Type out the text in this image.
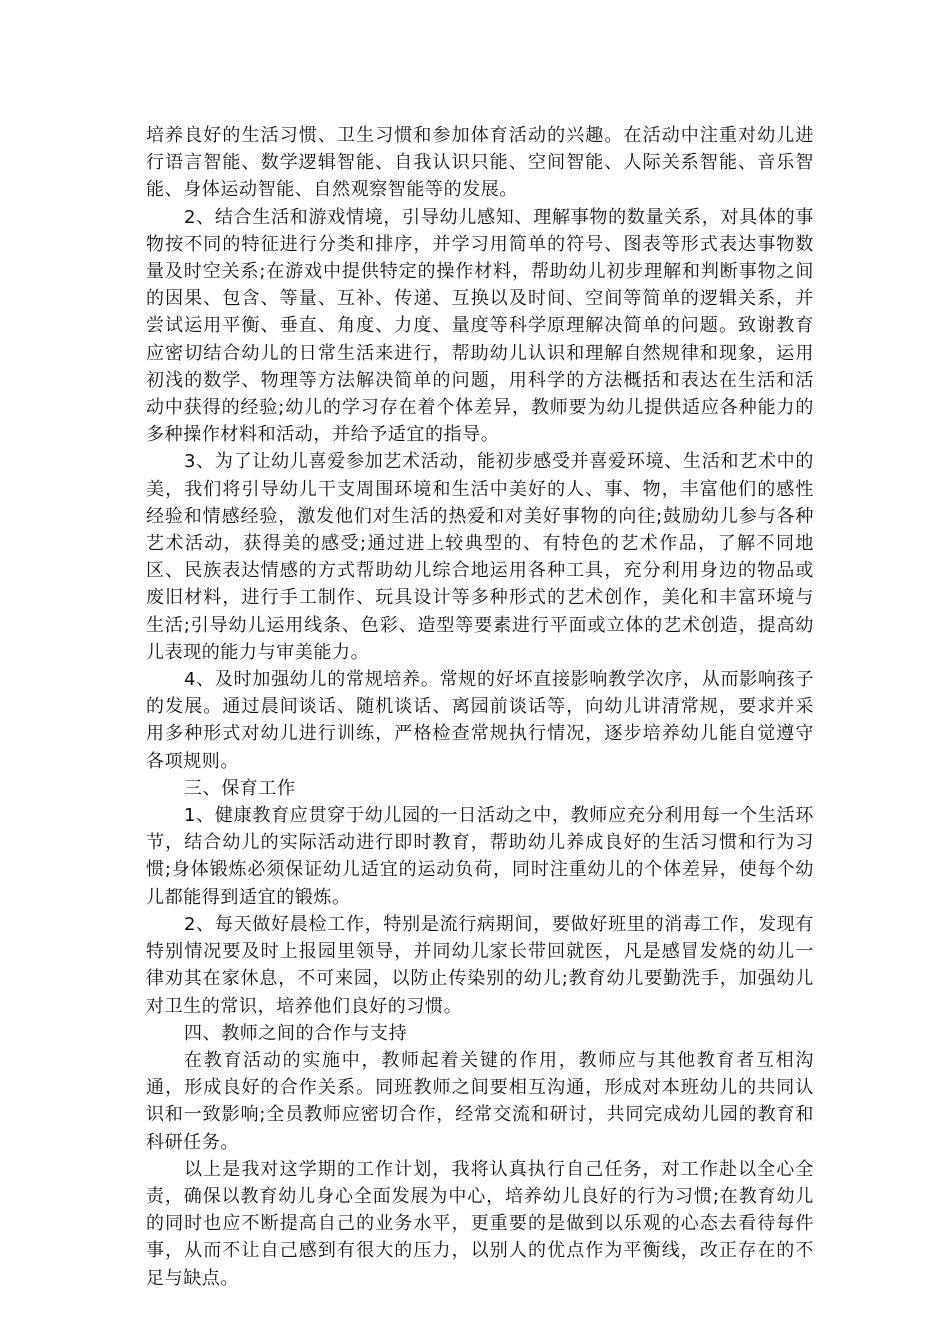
培养良好的生活习惯、卫生习惯和参加体育活动的兴趣。在活动中注重对幼儿进行语言智能、数学逻辑智能、自我认识只能、空间智能、人际关系智能、音乐智能、身体运动智能、自然观察智能等的发展。

2、结合生活和游戏情境，引导幼儿感知、理解事物的数量关系，对具体的事物按不同的特征进行分类和排序，并学习用简单的符号、图表等形式表达事物数量及时空关系;在游戏中提供特定的操作材料，帮助幼儿初步理解和判断事物之间的因果、包含、等量、互补、传递、互换以及时间、空间等简单的逻辑关系，并尝试运用平衡、垂直、角度、力度、量度等科学原理解决简单的问题。致谢教育应密切结合幼儿的日常生活来进行，帮助幼儿认识和理解自然规律和现象，运用初浅的数学、物理等方法解决简单的问题，用科学的方法概括和表达在生活和活动中获得的经验;幼儿的学习存在着个体差异，教师要为幼儿提供适应各种能力的多种操作材料和活动，并给予适宜的指导。

3、为了让幼儿喜爱参加艺术活动，能初步感受并喜爱环境、生活和艺术中的美，我们将引导幼儿干支周围环境和生活中美好的人、事、物，丰富他们的感性经验和情感经验，激发他们对生活的热爱和对美好事物的向往;鼓励幼儿参与各种艺术活动，获得美的感受;通过进上较典型的、有特色的艺术作品，了解不同地区、民族表达情感的方式帮助幼儿综合地运用各种工具，充分利用身边的物品或废旧材料，进行手工制作、玩具设计等多种形式的艺术创作，美化和丰富环境与生活;引导幼儿运用线条、色彩、造型等要素进行平面或立体的艺术创造，提高幼儿表现的能力与审美能力。

4、及时加强幼儿的常规培养。常规的好坏直接影响教学次序，从而影响孩子的发展。通过晨间谈话、随机谈话、离园前谈话等，向幼儿讲清常规，要求并采用多种形式对幼儿进行训练，严格检查常规执行情况，逐步培养幼儿能自觉遵守各项规则。

三、保育工作

1、健康教育应贯穿于幼儿园的一日活动之中，教师应充分利用每一个生活环节，结合幼儿的实际活动进行即时教育，帮助幼儿养成良好的生活习惯和行为习惯;身体锻炼必须保证幼儿适宜的运动负荷，同时注重幼儿的个体差异，使每个幼儿都能得到适宜的锻炼。

2、每天做好晨检工作，特别是流行病期间，要做好班里的消毒工作，发现有特别情况要及时上报园里领导，并同幼儿家长带回就医，凡是感冒发烧的幼儿一律劝其在家休息，不可来园，以防止传染别的幼儿;教育幼儿要勤洗手，加强幼儿对卫生的常识，培养他们良好的习惯。

四、教师之间的合作与支持

在教育活动的实施中，教师起着关键的作用，教师应与其他教育者互相沟通，形成良好的合作关系。同班教师之间要相互沟通，形成对本班幼儿的共同认识和一致影响;全员教师应密切合作，经常交流和研讨，共同完成幼儿园的教育和科研任务。

以上是我对这学期的工作计划，我将认真执行自己任务，对工作赴以全心全责，确保以教育幼儿身心全面发展为中心，培养幼儿良好的行为习惯;在教育幼儿的同时也应不断提高自己的业务水平，更重要的是做到以乐观的心态去看待每件事，从而不让自己感到有很大的压力，以别人的优点作为平衡线，改正存在的不足与缺点。
